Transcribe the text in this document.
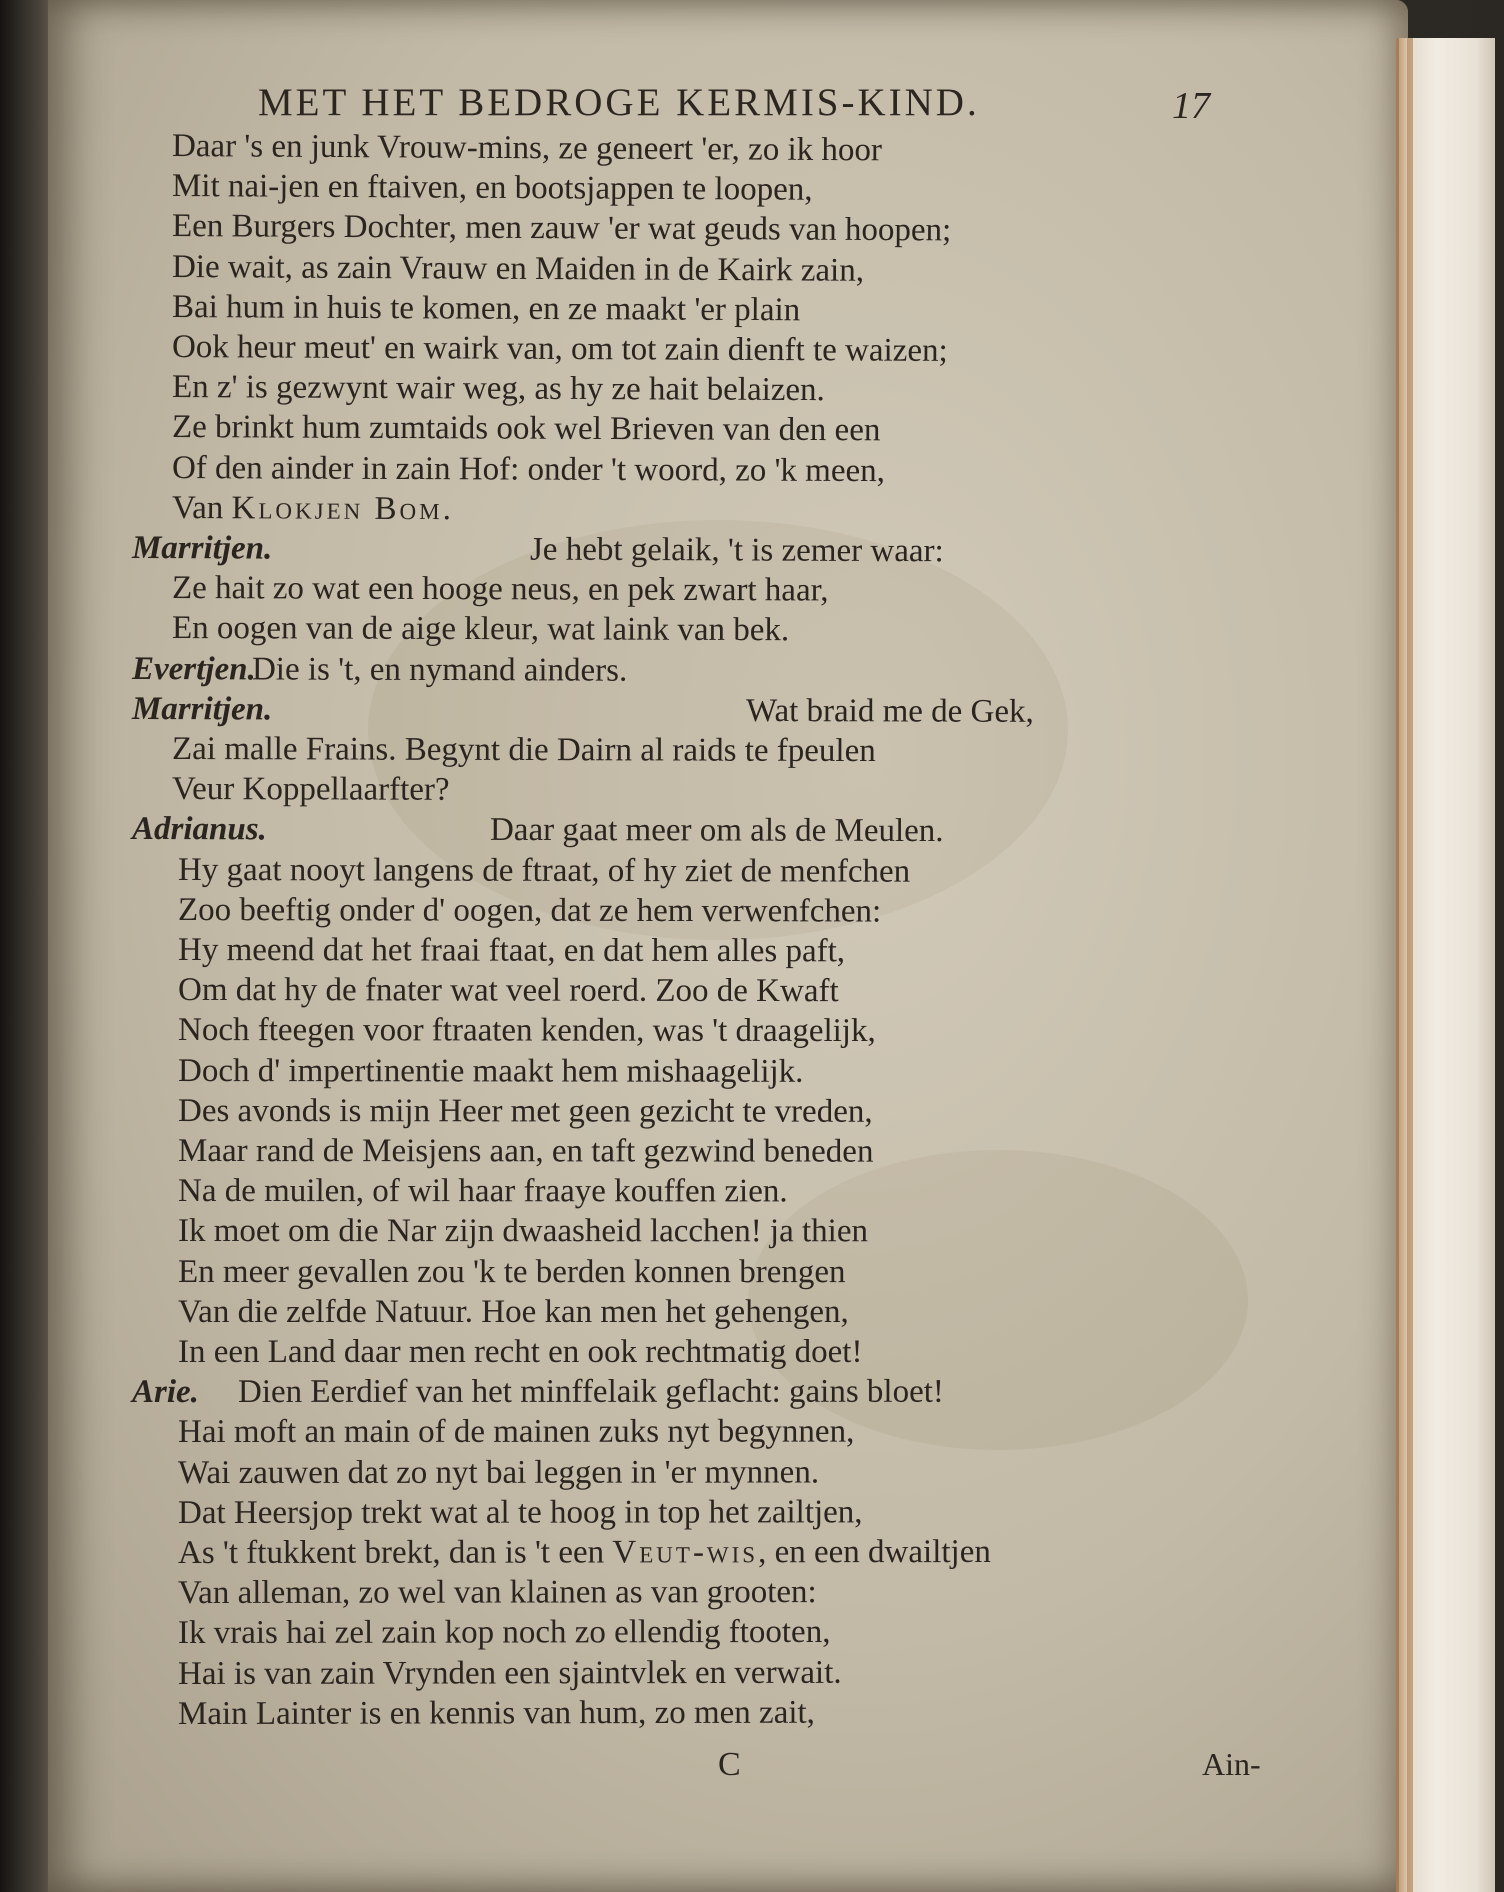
MET HET BEDROGE KERMIS-KIND.	17
Daar 's en junk Vrouw-mins, ze geneert 'er, zo ik hoor
Mit nai-jen en ftaiven, en bootsjappen te loopen,
Een Burgers Dochter, men zauw 'er wat geuds van hoopen;
Die wait, as zain Vrauw en Maiden in de Kairk zain,
Bai hum in huis te komen, en ze maakt 'er plain
Ook heur meut' en wairk van, om tot zain dienft te waizen;
En z' is gezwynt wair weg, as hy ze hait belaizen.
Ze brinkt hum zumtaids ook wel Brieven van den een
Of den ainder in zain Hof: onder 't woord, zo 'k meen,
Van Klokjen Bom.
Marritjen.	Je hebt gelaik, 't is zemer waar:
Ze hait zo wat een hooge neus, en pek zwart haar,
En oogen van de aige kleur, wat laink van bek.
Evertjen.
Die is 't, en nymand ainders.
Marritjen.	Wat braid me de Gek,
Zai malle Frains. Begynt die Dairn al raids te fpeulen
Veur Koppellaarfter?
Adrianus.	Daar gaat meer om als de Meulen.
Hy gaat nooyt langens de ftraat, of hy ziet de menfchen
Zoo beeftig onder d' oogen, dat ze hem verwenfchen:
Hy meend dat het fraai ftaat, en dat hem alles paft,
Om dat hy de fnater wat veel roerd. Zoo de Kwaft
Noch fteegen voor ftraaten kenden, was 't draagelijk,
Doch d' impertinentie maakt hem mishaagelijk.
Des avonds is mijn Heer met geen gezicht te vreden,
Maar rand de Meisjens aan, en taft gezwind beneden
Na de muilen, of wil haar fraaye kouffen zien.
Ik moet om die Nar zijn dwaasheid lacchen! ja thien
En meer gevallen zou 'k te berden konnen brengen
Van die zelfde Natuur. Hoe kan men het gehengen,
In een Land daar men recht en ook rechtmatig doet!
Arie. Dien Eerdief van het minffelaik geflacht: gains bloet!
Hai moft an main of de mainen zuks nyt begynnen,
Wai zauwen dat zo nyt bai leggen in 'er mynnen.
Dat Heersjop trekt wat al te hoog in top het zailtjen,
As 't ftukkent brekt, dan is 't een Veut-wis, en een dwailtjen
Van alleman, zo wel van klainen as van grooten:
Ik vrais hai zel zain kop noch zo ellendig ftooten,
Hai is van zain Vrynden een sjaintvlek en verwait.
Main Lainter is en kennis van hum, zo men zait,
C	Ain-
